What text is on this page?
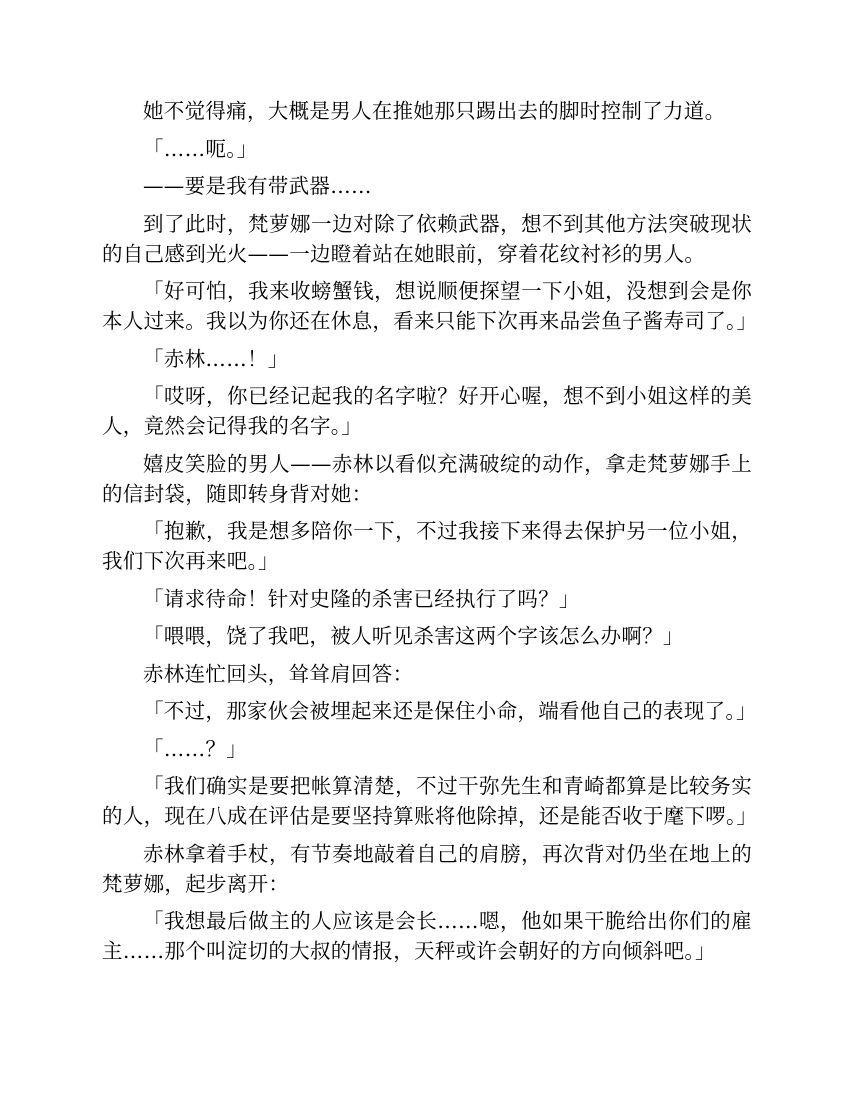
她不觉得痛，大概是男人在推她那只踢出去的脚时控制了力道。

「……呃。」

——要是我有带武器……

到了此时，梵萝娜一边对除了依赖武器，想不到其他方法突破现状的自己感到光火——一边瞪着站在她眼前，穿着花纹衬衫的男人。

「好可怕，我来收螃蟹钱，想说顺便探望一下小姐，没想到会是你本人过来。我以为你还在休息，看来只能下次再来品尝鱼子酱寿司了。」

「赤林……！」

「哎呀，你已经记起我的名字啦？好开心喔，想不到小姐这样的美人，竟然会记得我的名字。」

嬉皮笑脸的男人——赤林以看似充满破绽的动作，拿走梵萝娜手上的信封袋，随即转身背对她：

「抱歉，我是想多陪你一下，不过我接下来得去保护另一位小姐，我们下次再来吧。」

「请求待命！针对史隆的杀害已经执行了吗？」

「喂喂，饶了我吧，被人听见杀害这两个字该怎么办啊？」

赤林连忙回头，耸耸肩回答：

「不过，那家伙会被埋起来还是保住小命，端看他自己的表现了。」

「……？」

「我们确实是要把帐算清楚，不过干弥先生和青崎都算是比较务实的人，现在八成在评估是要坚持算账将他除掉，还是能否收于麾下啰。」

赤林拿着手杖，有节奏地敲着自己的肩膀，再次背对仍坐在地上的梵萝娜，起步离开：

「我想最后做主的人应该是会长……嗯，他如果干脆给出你们的雇主……那个叫淀切的大叔的情报，天秤或许会朝好的方向倾斜吧。」
